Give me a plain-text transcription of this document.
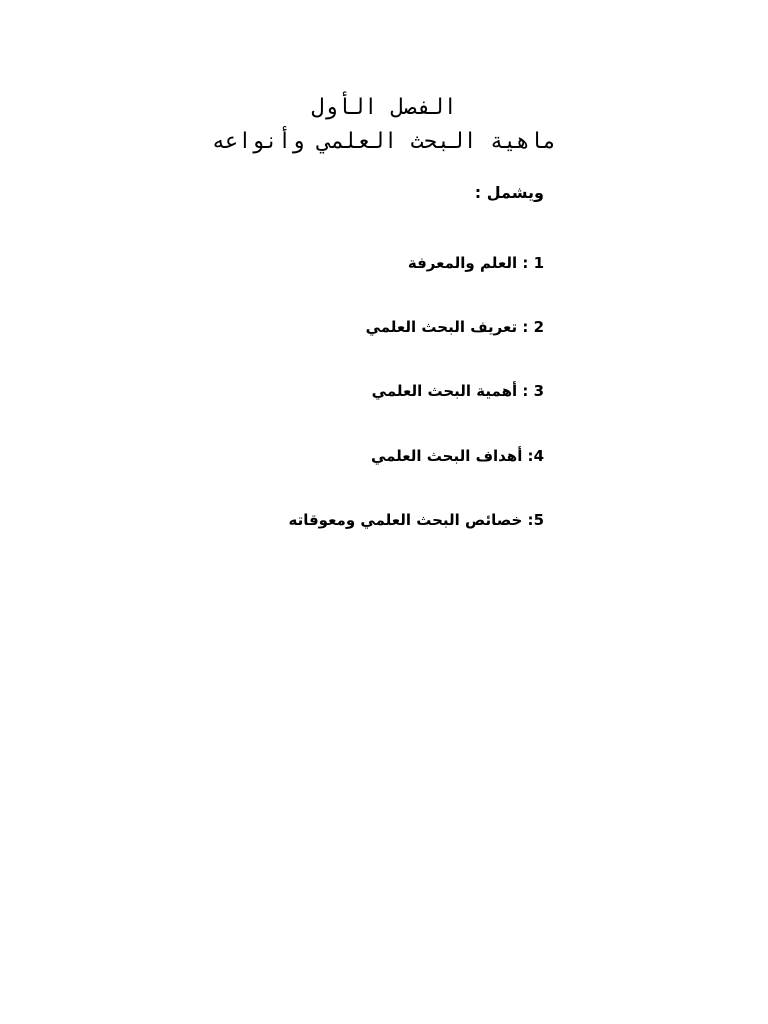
الفصل الأول
ماهية البحث العلمي وأنواعه
ويشمل :
1 : العلم والمعرفة
2 : تعريف البحث العلمي
3 : أهمية البحث العلمي
4: أهداف البحث العلمي
5: خصائص البحث العلمي ومعوقاته
